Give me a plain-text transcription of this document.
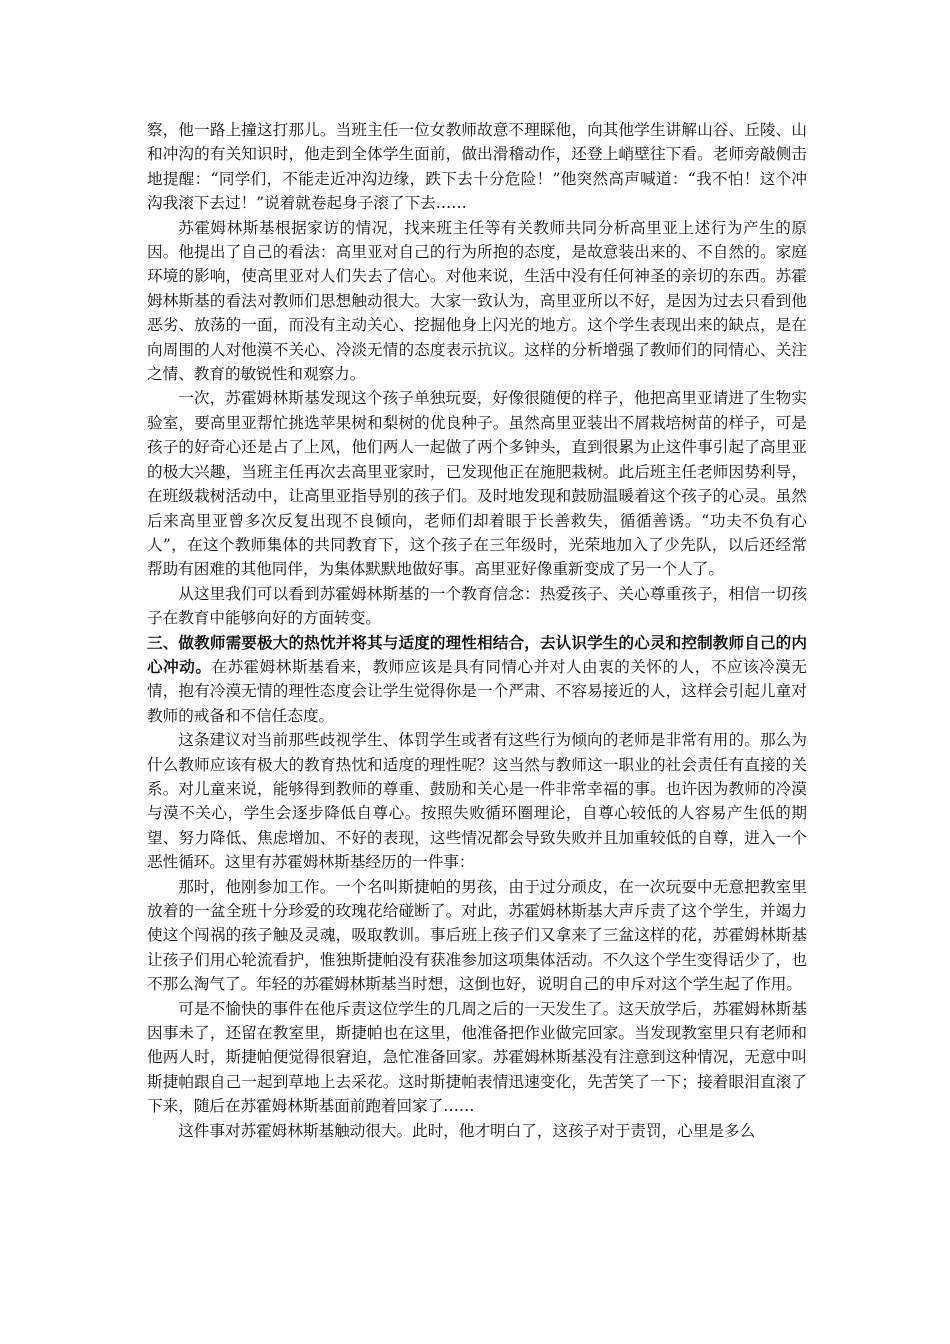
察，他一路上撞这打那儿。当班主任一位女教师故意不理睬他，向其他学生讲解山谷、丘陵、山和冲沟的有关知识时，他走到全体学生面前，做出滑稽动作，还登上峭壁往下看。老师旁敲侧击地提醒：“同学们，不能走近冲沟边缘，跌下去十分危险！”他突然高声喊道：“我不怕！这个冲沟我滚下去过！”说着就卷起身子滚了下去……

苏霍姆林斯基根据家访的情况，找来班主任等有关教师共同分析高里亚上述行为产生的原因。他提出了自己的看法：高里亚对自己的行为所抱的态度，是故意装出来的、不自然的。家庭环境的影响，使高里亚对人们失去了信心。对他来说，生活中没有任何神圣的亲切的东西。苏霍姆林斯基的看法对教师们思想触动很大。大家一致认为，高里亚所以不好，是因为过去只看到他恶劣、放荡的一面，而没有主动关心、挖掘他身上闪光的地方。这个学生表现出来的缺点，是在向周围的人对他漠不关心、冷淡无情的态度表示抗议。这样的分析增强了教师们的同情心、关注之情、教育的敏锐性和观察力。

一次，苏霍姆林斯基发现这个孩子单独玩耍，好像很随便的样子，他把高里亚请进了生物实验室，要高里亚帮忙挑选苹果树和梨树的优良种子。虽然高里亚装出不屑栽培树苗的样子，可是孩子的好奇心还是占了上风，他们两人一起做了两个多钟头，直到很累为止这件事引起了高里亚的极大兴趣，当班主任再次去高里亚家时，已发现他正在施肥栽树。此后班主任老师因势利导，在班级栽树活动中，让高里亚指导别的孩子们。及时地发现和鼓励温暖着这个孩子的心灵。虽然后来高里亚曾多次反复出现不良倾向，老师们却着眼于长善救失，循循善诱。“功夫不负有心人”，在这个教师集体的共同教育下，这个孩子在三年级时，光荣地加入了少先队，以后还经常帮助有困难的其他同伴，为集体默默地做好事。高里亚好像重新变成了另一个人了。

从这里我们可以看到苏霍姆林斯基的一个教育信念：热爱孩子、关心尊重孩子，相信一切孩子在教育中能够向好的方面转变。

三、做教师需要极大的热忱并将其与适度的理性相结合，去认识学生的心灵和控制教师自己的内心冲动。在苏霍姆林斯基看来，教师应该是具有同情心并对人由衷的关怀的人，不应该冷漠无情，抱有冷漠无情的理性态度会让学生觉得你是一个严肃、不容易接近的人，这样会引起儿童对教师的戒备和不信任态度。

这条建议对当前那些歧视学生、体罚学生或者有这些行为倾向的老师是非常有用的。那么为什么教师应该有极大的教育热忱和适度的理性呢？这当然与教师这一职业的社会责任有直接的关系。对儿童来说，能够得到教师的尊重、鼓励和关心是一件非常幸福的事。也许因为教师的冷漠与漠不关心，学生会逐步降低自尊心。按照失败循环圈理论，自尊心较低的人容易产生低的期望、努力降低、焦虑增加、不好的表现，这些情况都会导致失败并且加重较低的自尊，进入一个恶性循环。这里有苏霍姆林斯基经历的一件事：

那时，他刚参加工作。一个名叫斯捷帕的男孩，由于过分顽皮，在一次玩耍中无意把教室里放着的一盆全班十分珍爱的玫瑰花给碰断了。对此，苏霍姆林斯基大声斥责了这个学生，并竭力使这个闯祸的孩子触及灵魂，吸取教训。事后班上孩子们又拿来了三盆这样的花，苏霍姆林斯基让孩子们用心轮流看护，惟独斯捷帕没有获准参加这项集体活动。不久这个学生变得话少了，也不那么淘气了。年轻的苏霍姆林斯基当时想，这倒也好，说明自己的申斥对这个学生起了作用。

可是不愉快的事件在他斥责这位学生的几周之后的一天发生了。这天放学后，苏霍姆林斯基因事未了，还留在教室里，斯捷帕也在这里，他准备把作业做完回家。当发现教室里只有老师和他两人时，斯捷帕便觉得很窘迫，急忙准备回家。苏霍姆林斯基没有注意到这种情况，无意中叫斯捷帕跟自己一起到草地上去采花。这时斯捷帕表情迅速变化，先苦笑了一下；接着眼泪直滚了下来，随后在苏霍姆林斯基面前跑着回家了……

这件事对苏霍姆林斯基触动很大。此时，他才明白了，这孩子对于责罚，心里是多么
